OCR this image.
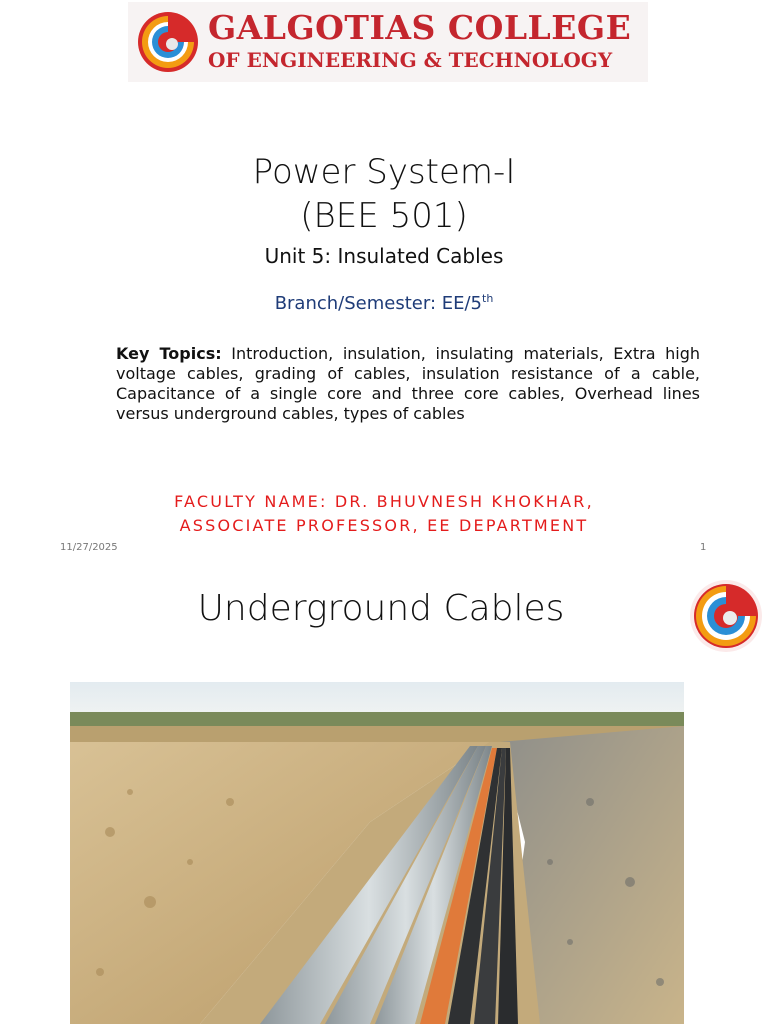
GALGOTIAS COLLEGE
OF ENGINEERING & TECHNOLOGY
Power System-I
(BEE 501)
Unit 5: Insulated Cables
Branch/Semester: EE/5th
Key Topics: Introduction, insulation, insulating materials, Extra high voltage cables, grading of cables, insulation resistance of a cable, Capacitance of a single core and three core cables, Overhead lines versus underground cables, types of cables
FACULTY NAME: DR. BHUVNESH KHOKHAR,
ASSOCIATE PROFESSOR, EE DEPARTMENT
11/27/2025	1
Underground Cables
